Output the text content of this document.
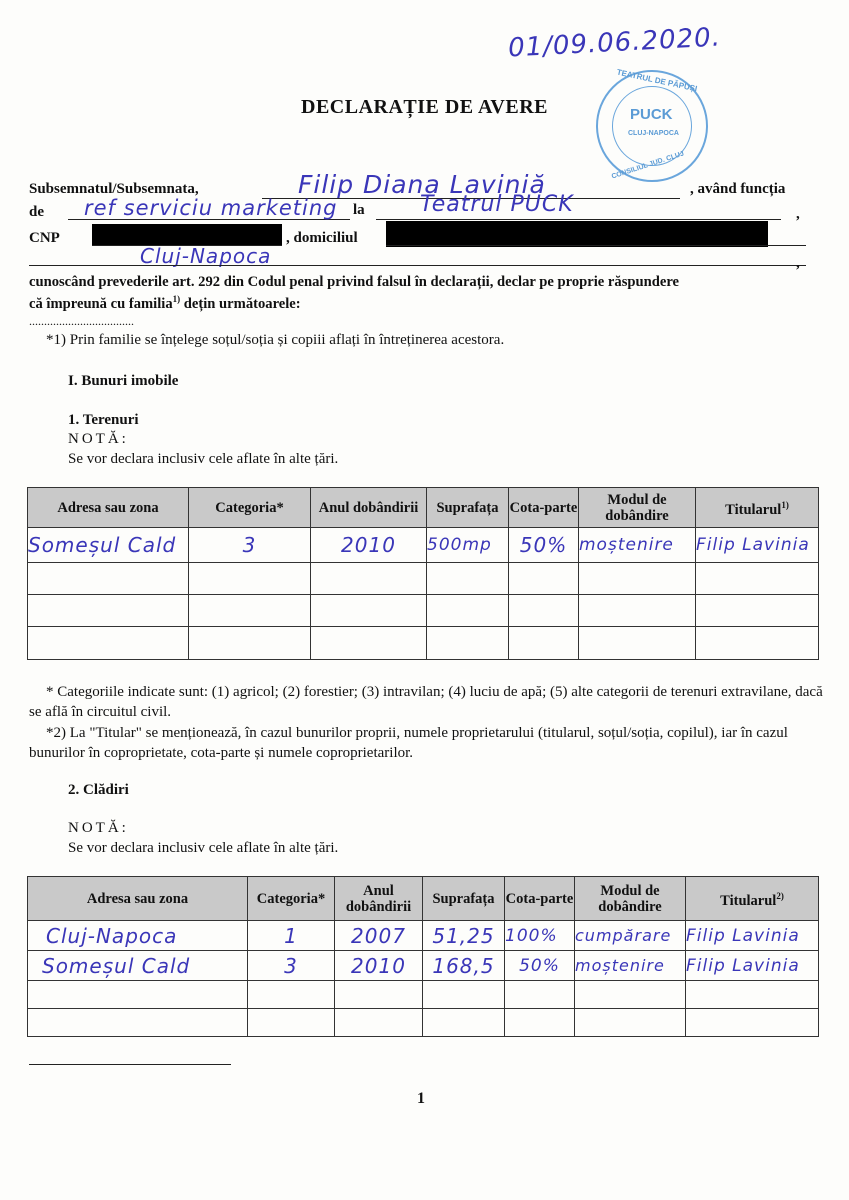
01/09.06.2020.
DECLARAȚIE DE AVERE
TEATRUL DE PĂPUȘI
PUCK
CLUJ-NAPOCA
CONSILIUL JUD. CLUJ
Subsemnatul/Subsemnata,	Filip Diana Laviniă	, având funcția
de ref serviciu marketing la	Teatrul PUCK	,
CNP	, domiciliul
Cluj-Napoca	,
cunoscând prevederile art. 292 din Codul penal privind falsul în declarații, declar pe proprie răspundere
că împreună cu familia$^{1)}$ dețin următoarele:
...................................
*1) Prin familie se înțelege soțul/soția și copiii aflați în întreținerea acestora.
I. Bunuri imobile
1. Terenuri
NOTĂ:
Se vor declara inclusiv cele aflate în alte țări.
Adresa sau zona	Categoria*	Anul dobândirii	Suprafața	Cota-parte	Modul de dobândire	Titularul$^{1)}$
Someșul Cald	3	2010	500mp	50%	moștenire	Filip Lavinia

* Categoriile indicate sunt: (1) agricol; (2) forestier; (3) intravilan; (4) luciu de apă; (5) alte categorii de terenuri extravilane, dacă se află în circuitul civil.
*2) La "Titular" se menționează, în cazul bunurilor proprii, numele proprietarului (titularul, soțul/soția, copilul), iar în cazul bunurilor în coproprietate, cota-parte și numele coproprietarilor.
2. Clădiri
NOTĂ:
Se vor declara inclusiv cele aflate în alte țări.
Adresa sau zona	Categoria*	Anul dobândirii	Suprafața	Cota-parte	Modul de dobândire	Titularul$^{2)}$
Cluj-Napoca	1	2007	51,25	100%	cumpărare	Filip Lavinia
Someșul Cald	3	2010	168,5	50%	moștenire	Filip Lavinia

1
